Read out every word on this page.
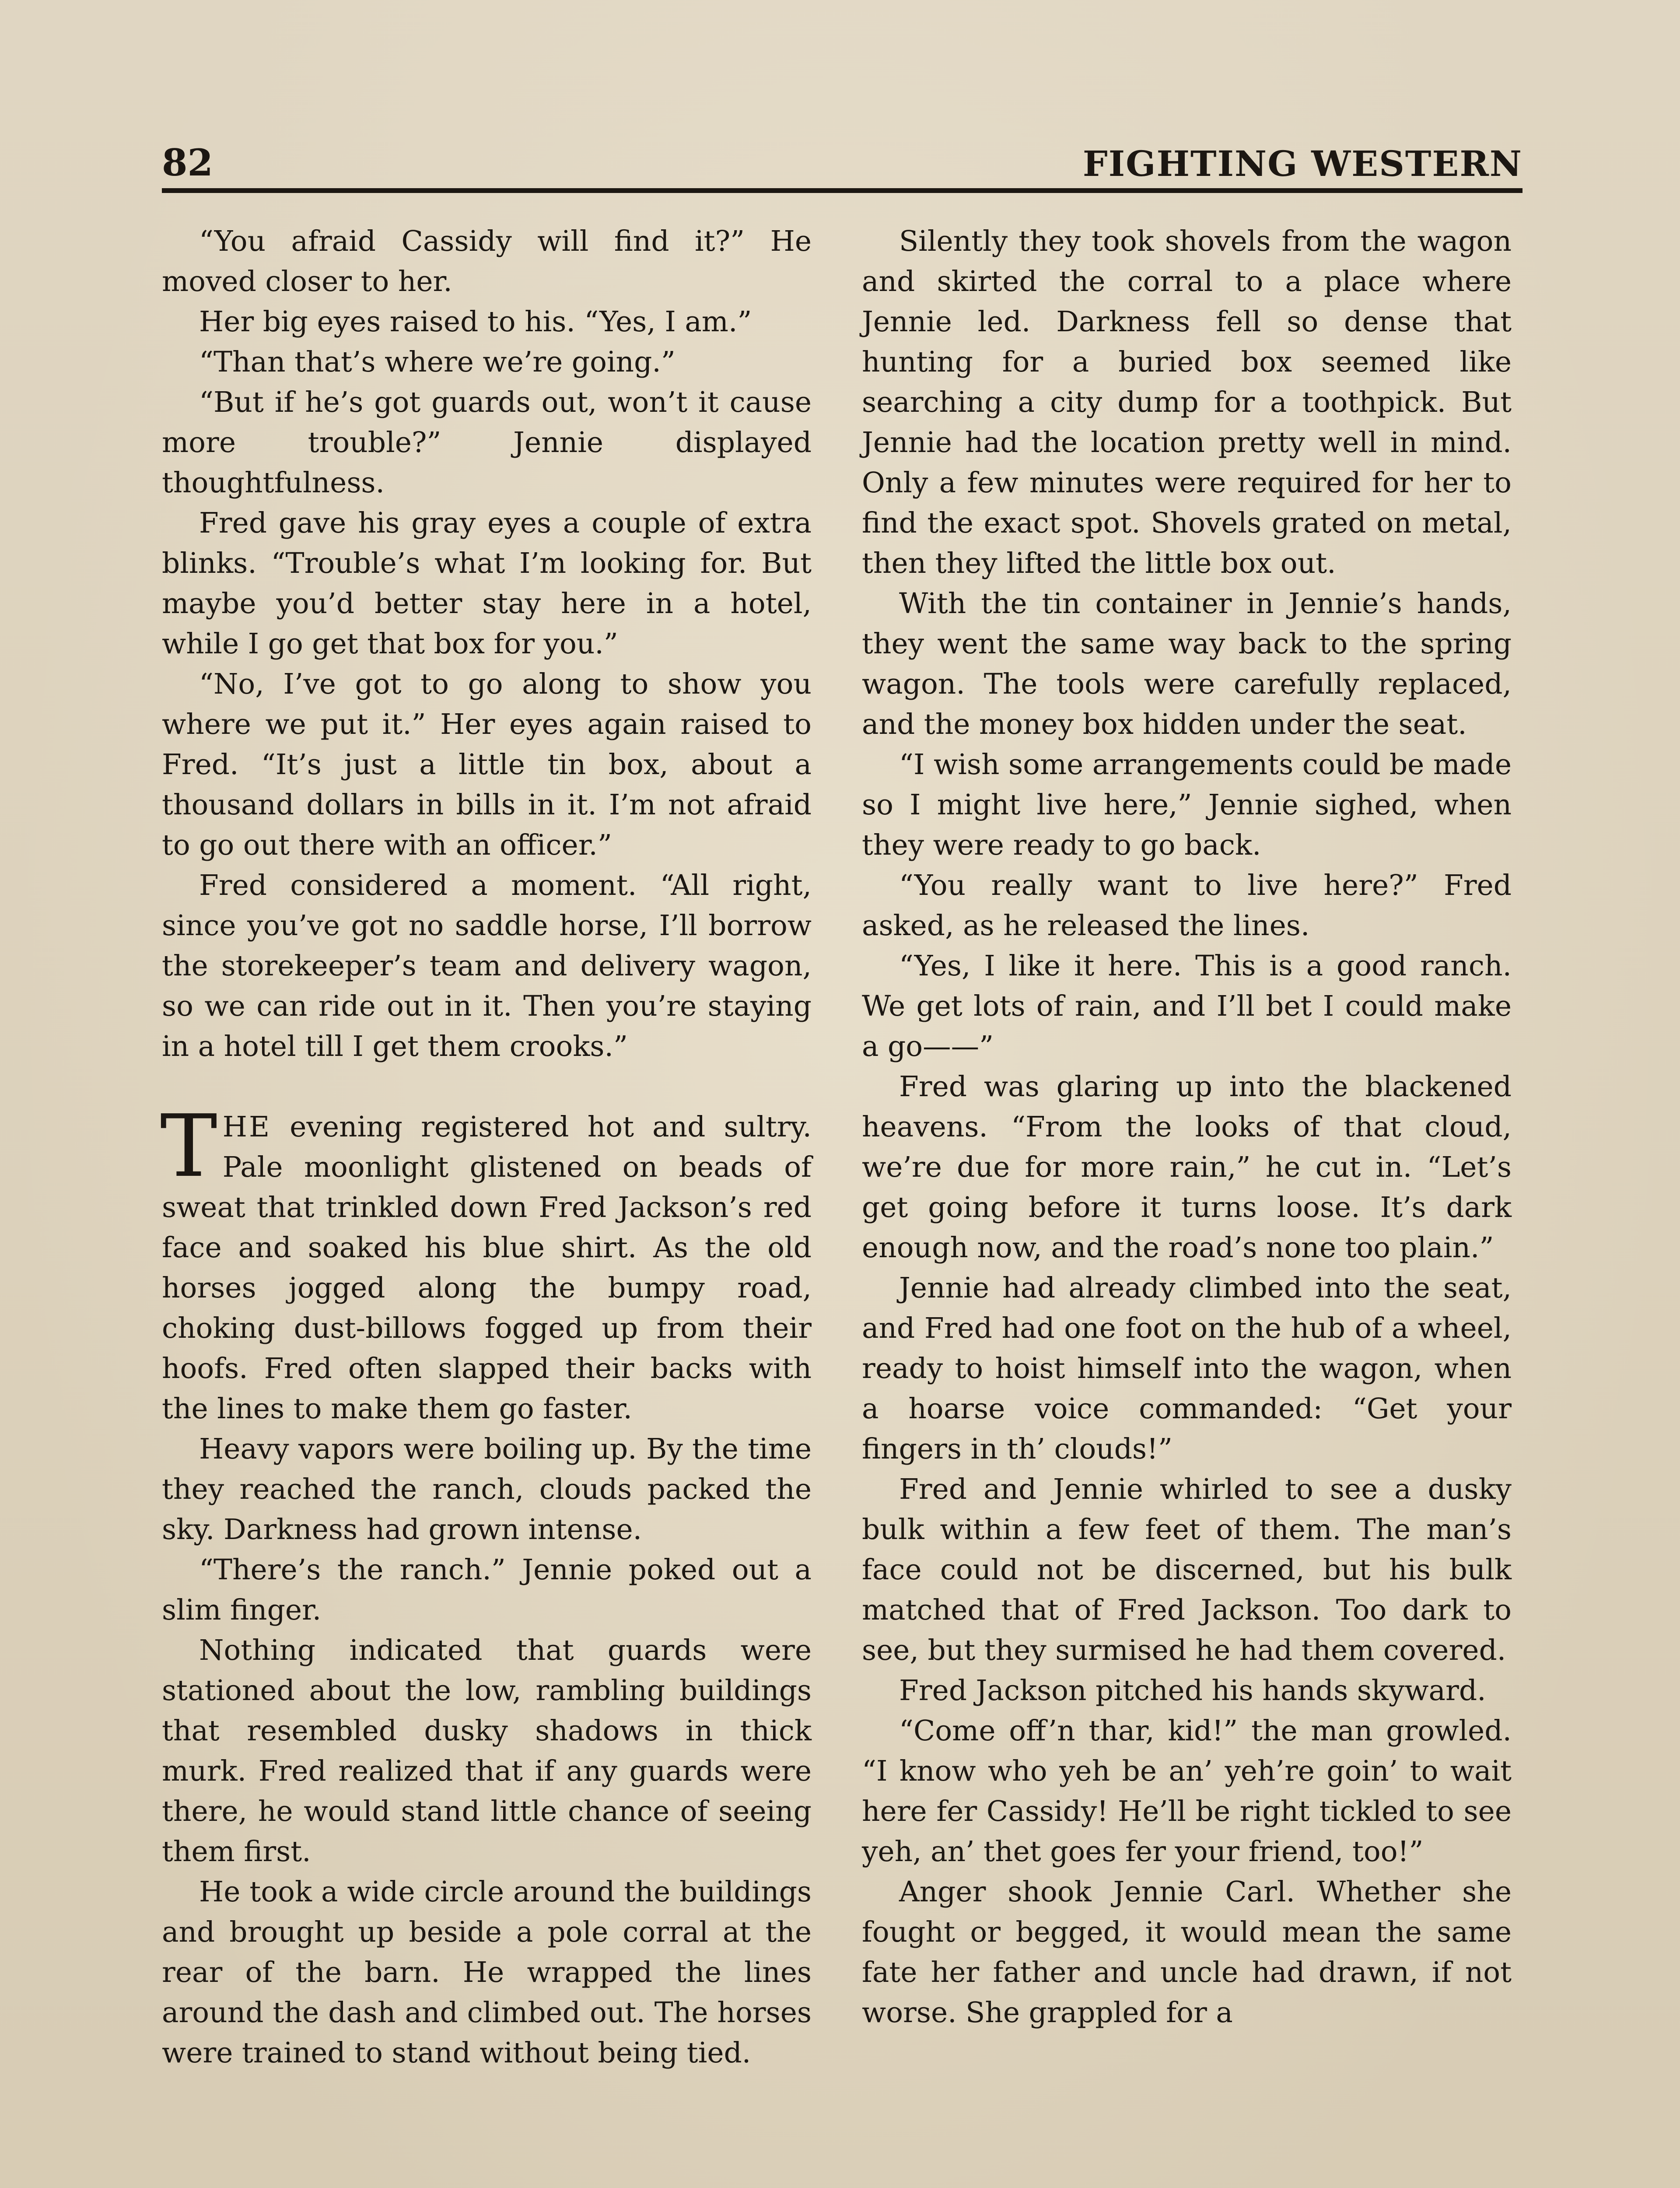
82	FIGHTING WESTERN

“You afraid Cassidy will find it?” He moved closer to her.

Her big eyes raised to his. “Yes, I am.”

“Than that’s where we’re going.”

“But if he’s got guards out, won’t it cause more trouble?” Jennie displayed thoughtfulness.

Fred gave his gray eyes a couple of extra blinks. “Trouble’s what I’m looking for. But maybe you’d better stay here in a hotel, while I go get that box for you.”

“No, I’ve got to go along to show you where we put it.” Her eyes again raised to Fred. “It’s just a little tin box, about a thousand dollars in bills in it. I’m not afraid to go out there with an officer.”

Fred considered a moment. “All right, since you’ve got no saddle horse, I’ll borrow the storekeeper’s team and delivery wagon, so we can ride out in it. Then you’re staying in a hotel till I get them crooks.”

THE evening registered hot and sultry. Pale moonlight glistened on beads of sweat that trinkled down Fred Jackson’s red face and soaked his blue shirt. As the old horses jogged along the bumpy road, choking dust-billows fogged up from their hoofs. Fred often slapped their backs with the lines to make them go faster.

Heavy vapors were boiling up. By the time they reached the ranch, clouds packed the sky. Darkness had grown intense.

“There’s the ranch.” Jennie poked out a slim finger.

Nothing indicated that guards were stationed about the low, rambling buildings that resembled dusky shadows in thick murk. Fred realized that if any guards were there, he would stand little chance of seeing them first.

He took a wide circle around the buildings and brought up beside a pole corral at the rear of the barn. He wrapped the lines around the dash and climbed out. The horses were trained to stand without being tied.

Silently they took shovels from the wagon and skirted the corral to a place where Jennie led. Darkness fell so dense that hunting for a buried box seemed like searching a city dump for a toothpick. But Jennie had the location pretty well in mind. Only a few minutes were required for her to find the exact spot. Shovels grated on metal, then they lifted the little box out.

With the tin container in Jennie’s hands, they went the same way back to the spring wagon. The tools were carefully replaced, and the money box hidden under the seat.

“I wish some arrangements could be made so I might live here,” Jennie sighed, when they were ready to go back.

“You really want to live here?” Fred asked, as he released the lines.

“Yes, I like it here. This is a good ranch. We get lots of rain, and I’ll bet I could make a go——”

Fred was glaring up into the blackened heavens. “From the looks of that cloud, we’re due for more rain,” he cut in. “Let’s get going before it turns loose. It’s dark enough now, and the road’s none too plain.”

Jennie had already climbed into the seat, and Fred had one foot on the hub of a wheel, ready to hoist himself into the wagon, when a hoarse voice commanded: “Get your fingers in th’ clouds!”

Fred and Jennie whirled to see a dusky bulk within a few feet of them. The man’s face could not be discerned, but his bulk matched that of Fred Jackson. Too dark to see, but they surmised he had them covered.

Fred Jackson pitched his hands skyward.

“Come off’n thar, kid!” the man growled. “I know who yeh be an’ yeh’re goin’ to wait here fer Cassidy! He’ll be right tickled to see yeh, an’ thet goes fer your friend, too!”

Anger shook Jennie Carl. Whether she fought or begged, it would mean the same fate her father and uncle had drawn, if not worse. She grappled for a
